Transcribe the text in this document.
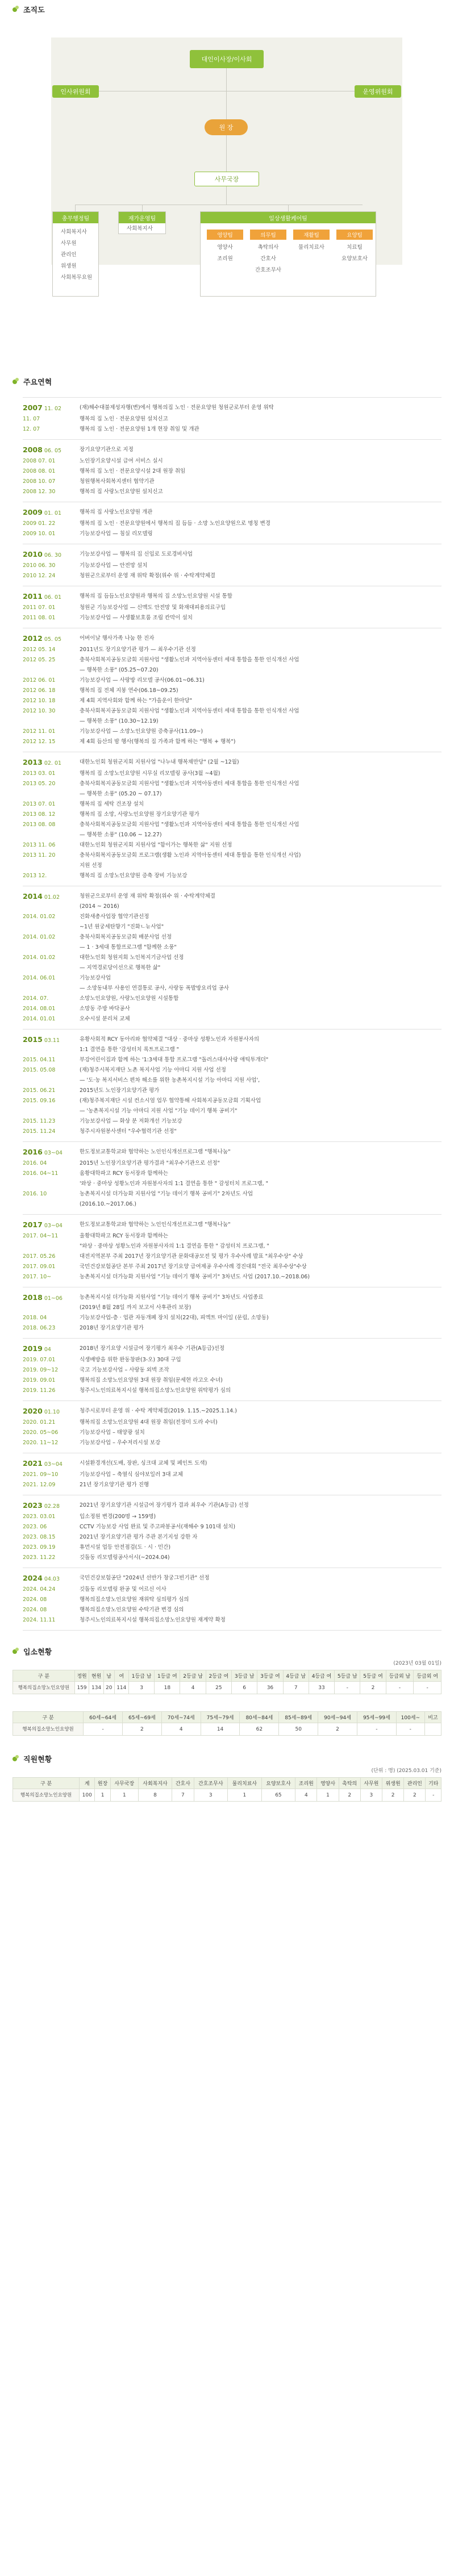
조직도
대인이사장/이사회
인사위원회	운영위원회
원 장
사무국장
총무행정팀
사회복지사
사무원
관리인
위생원
사회복무요원
재가운영팀
사회복지사
일상생활케어팀
영양팀	의무팀	재활팀	요양팀
영양사
조리원
촉탁의사
간호사
간호조무사
물리치료사	치료팀
요양보호사
주요연혁
2007 11. 02	(재)해수대불제성자행(변)에서 행복의집 노인 · 전문요양원 청원군로부터 운영 위탁
11. 07	행복의 집 노인 · 전문요양원 설치신고
12. 07	행복의 집 노인 · 전문요양원 1개 현장 취임 및 개관
2008 06. 05	장기요양기관으로 지정
2008 07. 01	노인장기요양시설 급여 서비스 실시
2008 08. 01	행복의 집 노인 · 전문요양시설 2대 원장 취임
2008 10. 07	청원행복사회복지센터 협약기관
2008 12. 30	행복의 집 사랑노인요양원 설치신고
2009 01. 01	행복의 집 사랑노인요양원 개관
2009 01. 22	행복의 집 노인 · 전문요양원에서 행복의 집 듬듬 · 소망 노인요양원으로 명칭 변경
2009 10. 01	기능보강사업 — 침실 리모델링
2010 06. 30	기능보강사업 — 행복의 집 신입로 도로경비사업
2010 06. 30	기능보강사업 — 안전망 설치
2010 12. 24	청원군으로부터 운영 재 위탁 확정(위수 위 · 수탁계약체결
2011 06. 01	행복의 집 듬듬노인요양원과 행복의 집 소망노인요양원 시설 통합
2011 07. 01	청원군 기능보강사업 — 신맥도 안전망 및 화재대피용의료구입
2011 08. 01	기능보강사업 — 사생활보호룸 조립 칸막이 설치
2012 05. 05	어버이날 행사가족 나눔 한 진자
2012 05. 14	2011년도 장기요양기관 평가 — 최우수기관 선정
2012 05. 25	충북사회복지공동모금회 지원사업 "생활노인과 지역아동센터 세대 통합을 통한 인식개선 사업
— 행복한 소풍" (05.25~07.20)
2012 06. 01	기능보강사업 — 사랑방 리모델 공사(06.01~06.31)
2012 06. 18	행복의 집 전체 지붕 연수(06.18~09.25)
2012 10. 18	제 4회 지역사회와 함께 하는 "가을운이 한마당"
2012 10. 30	충북사회복지공동모금회 지원사업 "생활노인과 지역아동센터 세대 통합을 통한 인식개선 사업
— 행복한 소풍" (10.30~12.19)
2012 11. 01	기능보강사업 — 소망노인요양원 증축공사(11.09~)
2012 12. 15	제 4회 듬산의 밤 행사(행복의 집 가족과 함께 하는 "행복 + 행복")
2013 02. 01	대한노인회 청원군지회 지원사업 "나누내 행복채만당" (2월 ~12월)
2013 03. 01	행복의 집 소망노인요양원 시무실 리모델링 공사(3월 ~4월)
2013 05. 20	충북사회복지공동모금회 지원사업 "생활노인과 지역아동센터 세대 통합을 통한 인식개선 사업
— 행복한 소풍" (05.20 ~ 07.17)
2013 07. 01	행복의 집 세탁 건조장 설치
2013 08. 12	행복의 집 소망, 사랑노인요양원 장기요양기관 평가
2013 08. 08	충북사회복지공동모금회 지원사업 "생활노인과 지역아동센터 세대 통합을 통한 인식개선 사업
— 행복한 소풍" (10.06 ~ 12.27)
2013 11. 06	대한노인회 청원군지회 지원사업 "함이가는 행복한 삶" 지원 선정
2013 11. 20	충북사회복지공동모금회 프로그램(생활 노인과 지역아동센터 세대 통합을 통한 인식개선 사업)
지원 선정
2013 12.	행복의 집 소망노인요양원 증축 장비 기능보강
2014 01.02	청원군으로부터 운영 재 위탁 확정(위수 위 · 수탁계약체결
(2014 ~ 2016)
2014. 01.02	진화새총사업장 협약기관선정
~1년 원궁세탄향기 "진화ㄴ뉴사업"
2014. 01.02	충북사회복지공동모금회 배분사업 선정
— 1 · 3세대 통합프로그램 "함께한 소풍"
2014. 01.02	대한노인회 청원지회 노인복지기금사업 선정
— 지역경로당이선으로 행복한 삶"
2014. 06.01	기능보강사업
— 소망동내부 사용인 연결통로 공사, 사랑동 폭발방요리업 공사
2014. 07.	소망노인요양원, 사랑노인요양원 시설통합
2014. 08.01	소망동 주방 바닥공사
2014. 01.01	오수시설 분리처 교체
2015 03.11	유황사회적 RCY 동아리와 협약체결 "대상 · 중마상 성황노인과 자원봉사자의
1:1 결연을 통한 '감성터치 록트프로그램 "
2015. 04.11	부강어린이집과 함께 하는 '1:3세대 통합 프로그램 "돌러스대사사랑 애틱투개더"
2015. 05.08	(재)청주시복지재단 노촌 복지사업 기능 아마디 지원 사업 선정
— '도·농 복지서비스 편차 해소를 위한 농촌복지시설 기능 아마디 지원 사업',
2015. 06.21	2015년도 노인장기요양기관 평가
2015. 09.16	(재)청주복지재단 시설 컨소시엄 업무 협약통해 사회복지공동모금회 기획사업
— '농촌복지시설 기능 아마디 지원 사업 "기능 데이기 행복 공비기"
2015. 11.23	기능보강사업 — 화상 분 저화개선 기능보강
2015. 11.24	청주시자원봉사센터 "우수협력기관 선정"
2016 03~04	한도정보교통학교와 협약하는 노인인식개선프로그램 "행복나눔"
2016. 04	2015년 노인장기요양기관 평가결과 "최우수기관으로 선정"
2016. 04~11	움황대학파고 RCY 동서장과 함께하는
'와상 · 중마상 성황노인과 자원봉사자의 1:1 결연을 통한 " 감성터치 프로그램, "
2016. 10	농촌복지시설 더가능화 지원사업 "기능 데이기 행복 공비기" 2차년도 사업
(2016.10.~2017.06.)
2017 03~04	한도정보교통학교와 협약하는 노인인식개선프로그램 "행복나눔"
2017. 04~11	울황대학파고 RCY 동서장과 함께하는
"와상 · 중마상 성황노인과 자원봉사자의 1:1 결연을 통한 " 감성터치 프로그램, "
2017. 05.26	대전지역본부 주최 2017년 장기요양기관 문화대공모전 및 평가 우수사례 발표 "최우수상" 수상
2017. 09.01	국민건강보험공단 본부 주최 2017년 장기요양 급여제공 우수사례 경진대회 "전국 최우수상"수상
2017. 10~	농촌복지시설 더가능화 지원사업 "기능 데이기 행복 공비기" 3차년도 사업 (2017.10.~2018.06)
2018 01~06	농촌복지시설 더가능화 지원사업 "기능 데이기 행복 공비기" 3차년도 사업종료
(2019년 8월 28일 까지 보고서 사후관리 보장)
2018. 04	기능보강사업-층 · 업관 자동개폐 장치 설치(22대), 피엑트 마이일 (문림, 소망동)
2018. 06.23	2018년 장기요양기관 평가
2019 04	2018년 장기요양 시설급여 장기평가 최우수 기관(A등급)선정
2019. 07.01	식생배방을 위한 완동창판(3-오) 30대 구입
2019. 09~12	국고 기능보강사업 – 사랑동 외벽 조작
2019. 09.01	행복의집 소망노인요양원 3대 원장 취임(문세현 라고오 수녀)
2019. 11.26	청주시노인의료복지시설 행복의집소망노인요양원 위탁평가 심의
2020 01.10	청주시로부터 운영 위 · 수탁 계약체결(2019. 1.15.~2025.1.14.)
2020. 01.21	행복의집 소망노인요양원 4대 원장 취임(전정미 도라 수녀)
2020. 05~06	기능보강사업 – 태양광 설치
2020. 11~12	기능보강사업 – 우수저리시설 보강
2021 03~04	시설환경개선(도배, 장판, 싱크대 교체 및 페인트 도색)
2021. 09~10	기능보강사업 – 축열식 심야보일러 3대 교체
2021. 12.09	21년 장기요양기관 평가 진행
2023 02.28	2021년 장기요양기관 시설급여 장기평가 결과 최우수 기관(A등급) 선정
2023. 03.01	입소정원 변경(200명 → 159명)
2023. 06	CCTV 기능보강 사업 완료 및 주고파봉공서(재해수 9 101대 설치)
2023. 08.15	2021년 장기요양기관 평가 주관 본기지성 강한 자
2023. 09.19	휴먼시설 업등 안전점검(도 · 시 · 민간)
2023. 11.22	깃돌동 리모델링공사서시(~2024.04)
2024 04.03	국민건강보험공단 "2024년 선반가 창궁그빈기관" 선정
2024. 04.24	깃돌동 리모델링 완공 및 어르신 이사
2024. 08	행복의집소망노인요양원 재위탁 심의평가 심의
2024. 08	행복의집소망노인요양원 수탁기관 변경 심의
2024. 11.11	청주시노인의료복지시설 행복의집소망노인요양원 재계약 확정
입소현황
(2023년 03월 01일)
구 분	정원	현원	남	여	1등급 남	1등급 여	2등급 남	2등급 여	3등급 남	3등급 여	4등급 남	4등급 여	5등급 남	5등급 여	등급외 남	등급외 여
행복의집소망노인요양원	159	134	20	114	3	18	4	25	6	36	7	33	-	2	-	-
구 분	60세~64세	65세~69세	70세~74세	75세~79세	80세~84세	85세~89세	90세~94세	95세~99세	100세~	비고
행복의집소망노인요양원	-	2	4	14	62	50	2	-	-	
직원현황
(단위 : 명) (2025.03.01 기준)
구 분	계	원장	사무국장	사회복지사	간호사	간호조무사	물리치료사	요양보호사	조리원	영양사	촉탁의	사무원	위생원	관리인	기타
행복의집소망노인요양원	100	1	1	8	7	3	1	65	4	1	2	3	2	2	-
